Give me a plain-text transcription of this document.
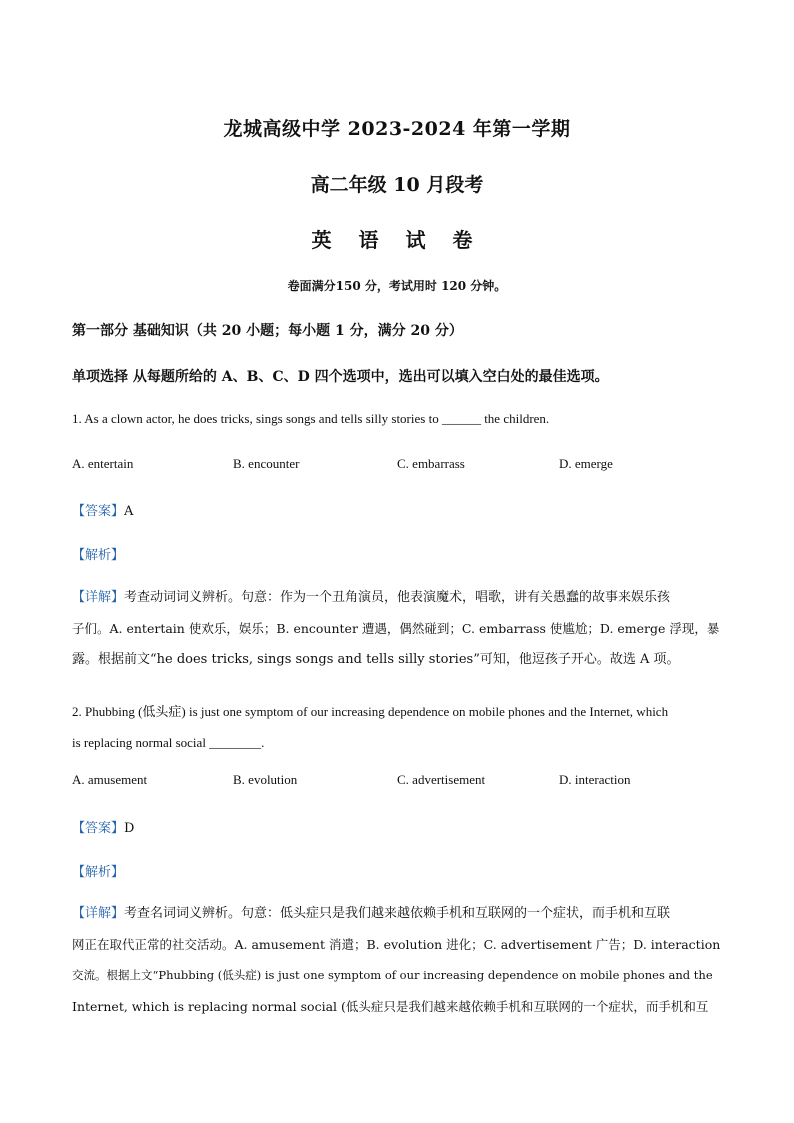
龙城高级中学 2023-2024 年第一学期
高二年级 10 月段考
英 语 试 卷
卷面满分150 分，考试用时 120 分钟。
第一部分 基础知识（共 20 小题；每小题 1 分，满分 20 分）
单项选择 从每题所给的 A、B、C、D 四个选项中，选出可以填入空白处的最佳选项。
1. As a clown actor, he does tricks, sings songs and tells silly stories to ______ the children.
A. entertain	B. encounter	C. embarrass	D. emerge
【答案】A
【解析】
【详解】考查动词词义辨析。句意：作为一个丑角演员，他表演魔术，唱歌，讲有关愚蠢的故事来娱乐孩
子们。A. entertain 使欢乐，娱乐；B. encounter 遭遇，偶然碰到；C. embarrass 使尴尬；D. emerge 浮现，暴
露。根据前文“he does tricks, sings songs and tells silly stories”可知，他逗孩子开心。故选 A 项。
2. Phubbing (低头症) is just one symptom of our increasing dependence on mobile phones and the Internet, which
is replacing normal social ________.
A. amusement	B. evolution	C. advertisement	D. interaction
【答案】D
【解析】
【详解】考查名词词义辨析。句意：低头症只是我们越来越依赖手机和互联网的一个症状，而手机和互联
网正在取代正常的社交活动。A. amusement 消遣；B. evolution 进化；C. advertisement 广告；D. interaction
交流。根据上文“Phubbing (低头症) is just one symptom of our increasing dependence on mobile phones and the
Internet, which is replacing normal social (低头症只是我们越来越依赖手机和互联网的一个症状，而手机和互
